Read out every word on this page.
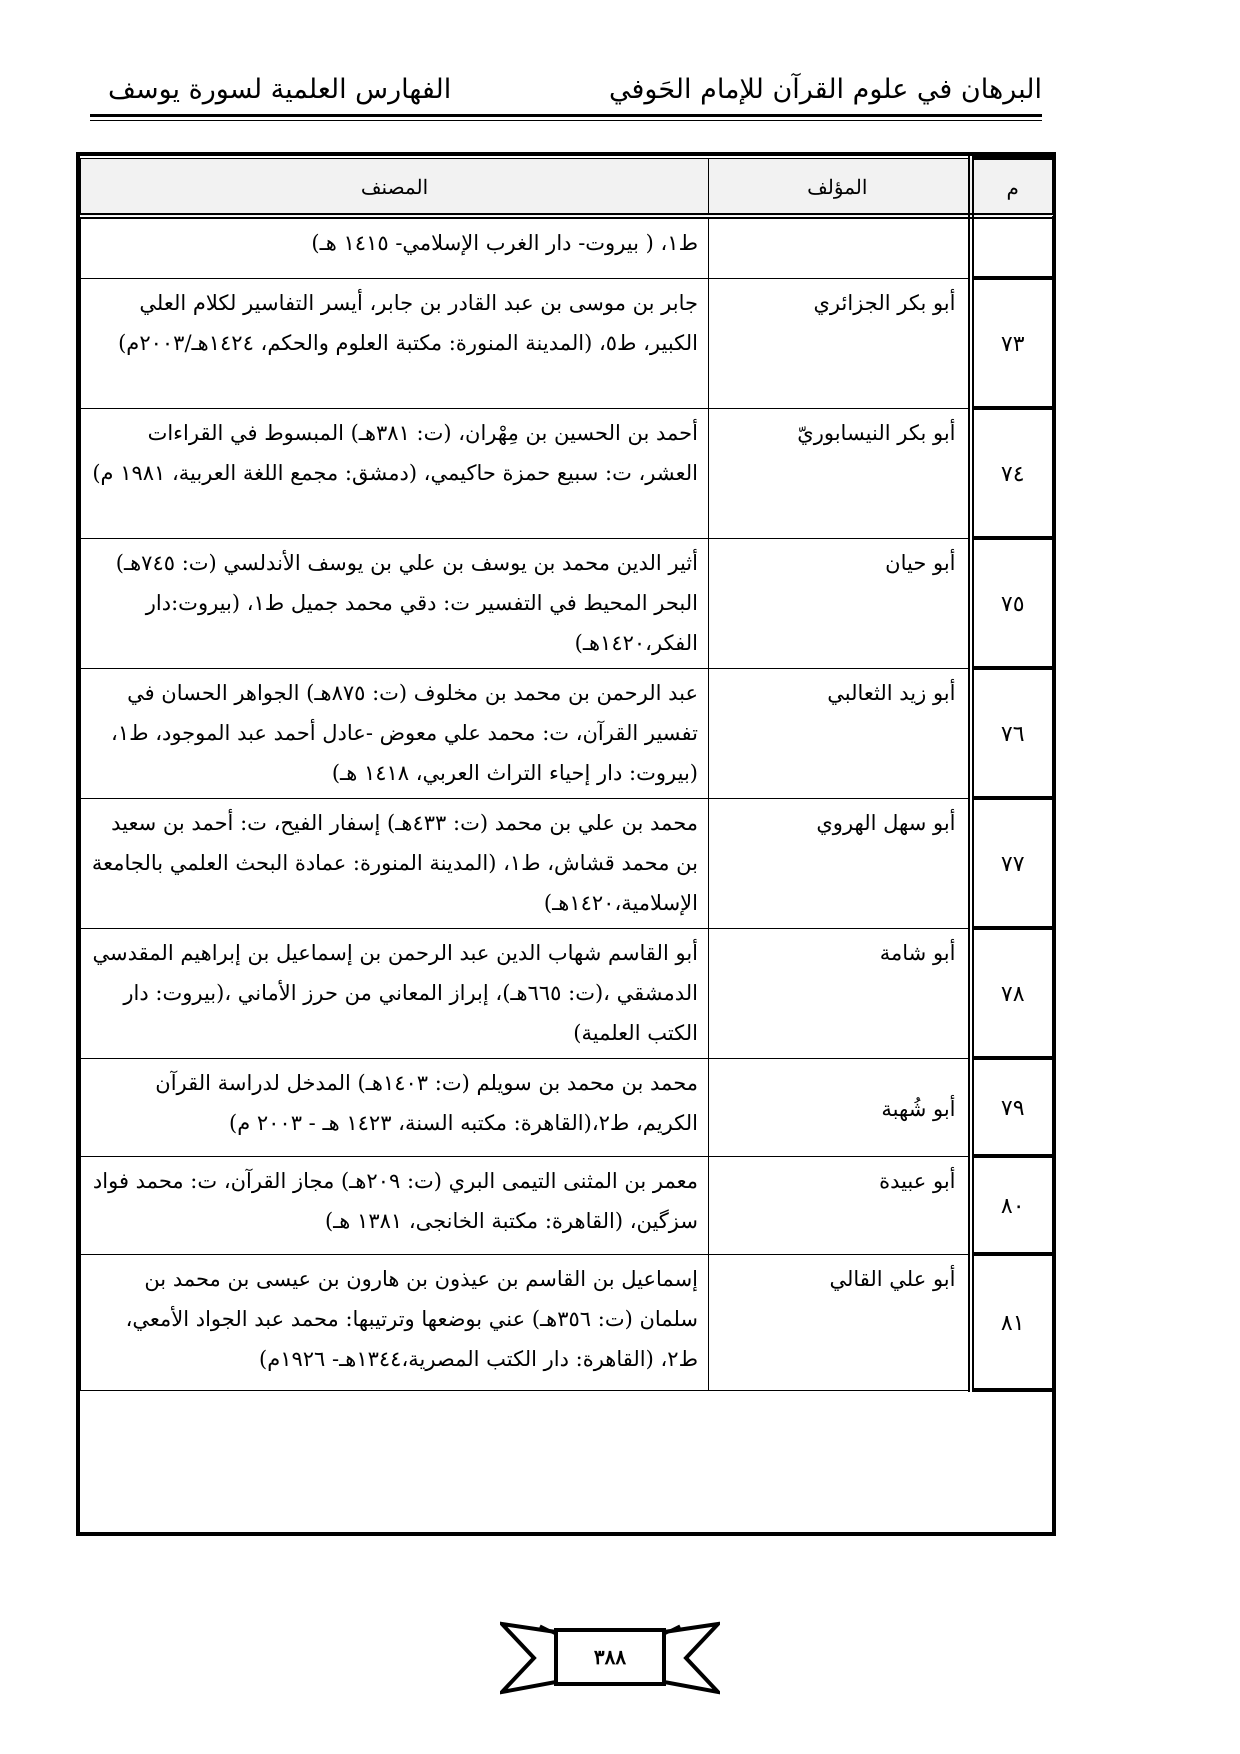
البرهان في علوم القرآن للإمام الحَوفي
الفهارس العلمية لسورة يوسف
م	المؤلف	المصنف
		ط١، ( بيروت- دار الغرب الإسلامي- ١٤١٥ هـ)
٧٣	أبو بكر الجزائري	جابر بن موسى بن عبد القادر بن جابر، أيسر التفاسير لكلام العلي الكبير، ط٥، (المدينة المنورة: مكتبة العلوم والحكم، ١٤٢٤هـ/٢٠٠٣م)
٧٤	أبو بكر النيسابوريّ	أحمد بن الحسين بن مِهْران، (ت: ٣٨١هـ) المبسوط في القراءات العشر، ت: سبيع حمزة حاكيمي، (دمشق: مجمع اللغة العربية، ١٩٨١ م)
٧٥	أبو حيان	أثير الدين محمد بن يوسف بن علي بن يوسف الأندلسي (ت: ٧٤٥هـ) البحر المحيط في التفسير ت: دقي محمد جميل ط١، (بيروت:دار الفكر،١٤٢٠هـ)
٧٦	أبو زيد الثعالبي	عبد الرحمن بن محمد بن مخلوف (ت: ٨٧٥هـ) الجواهر الحسان في تفسير القرآن، ت: محمد علي معوض -عادل أحمد عبد الموجود، ط١، (بيروت: دار إحياء التراث العربي، ١٤١٨ هـ)
٧٧	أبو سهل الهروي	محمد بن علي بن محمد (ت: ٤٣٣هـ) إسفار الفيح، ت: أحمد بن سعيد بن محمد قشاش، ط١، (المدينة المنورة: عمادة البحث العلمي بالجامعة الإسلامية،١٤٢٠هـ)
٧٨	أبو شامة	أبو القاسم شهاب الدين عبد الرحمن بن إسماعيل بن إبراهيم المقدسي الدمشقي ،(ت: ٦٦٥هـ)، إبراز المعاني من حرز الأماني ،(بيروت: دار الكتب العلمية)
٧٩	أبو شُهبة	محمد بن محمد بن سويلم (ت: ١٤٠٣هـ) المدخل لدراسة القرآن الكريم، ط٢،(القاهرة: مكتبه السنة، ١٤٢٣ هـ - ٢٠٠٣ م)
٨٠	أبو عبيدة	معمر بن المثنى التيمى البري (ت: ٢٠٩هـ) مجاز القرآن، ت: محمد فواد سزگين، (القاهرة: مكتبة الخانجى، ١٣٨١ هـ)
٨١	أبو علي القالي	إسماعيل بن القاسم بن عيذون بن هارون بن عيسى بن محمد بن سلمان (ت: ٣٥٦هـ) عني بوضعها وترتيبها: محمد عبد الجواد الأمعي، ط٢، (القاهرة: دار الكتب المصرية،١٣٤٤هـ- ١٩٢٦م)
٣٨٨
